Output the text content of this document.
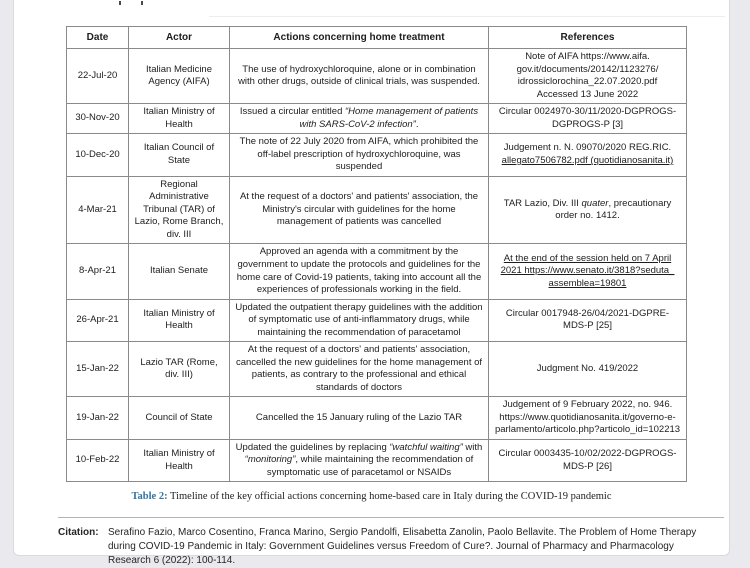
Date	Actor	Actions concerning home treatment	References
22-Jul-20	Italian Medicine Agency (AIFA)	The use of hydroxychloroquine, alone or in combination with other drugs, outside of clinical trials, was suspended.	Note of AIFA https://www.aifa.
gov.it/documents/20142/1123276/
idrossiclorochina_22.07.2020.pdf
Accessed 13 June 2022
30-Nov-20	Italian Ministry of Health	Issued a circular entitled “Home management of patients with SARS-CoV-2 infection”.	Circular 0024970-30/11/2020-DGPROGS-DGPROGS-P [3]
10-Dec-20	Italian Council of State	The note of 22 July 2020 from AIFA, which prohibited the off-label prescription of hydroxychloroquine, was suspended	Judgement n. N. 09070/2020 REG.RIC.
allegato7506782.pdf (quotidianosanita.it)
4-Mar-21	Regional Administrative Tribunal (TAR) of Lazio, Rome Branch, div. III	At the request of a doctors' and patients' association, the Ministry's circular with guidelines for the home management of patients was cancelled	TAR Lazio, Div. III quater, precautionary order no. 1412.
8-Apr-21	Italian Senate	Approved an agenda with a commitment by the government to update the protocols and guidelines for the home care of Covid-19 patients, taking into account all the experiences of professionals working in the field.	At the end of the session held on 7 April
2021 https://www.senato.it/3818?seduta_
assemblea=19801
26-Apr-21	Italian Ministry of Health	Updated the outpatient therapy guidelines with the addition of symptomatic use of anti-inflammatory drugs, while maintaining the recommendation of paracetamol	Circular 0017948-26/04/2021-DGPRE-MDS-P [25]
15-Jan-22	Lazio TAR (Rome, div. III)	At the request of a doctors' and patients' association, cancelled the new guidelines for the home management of patients, as contrary to the professional and ethical standards of doctors	Judgment No. 419/2022
19-Jan-22	Council of State	Cancelled the 15 January ruling of the Lazio TAR	Judgement of 9 February 2022, no. 946.
https://www.quotidianosanita.it/governo-e-
parlamento/articolo.php?articolo_id=102213
10-Feb-22	Italian Ministry of Health	Updated the guidelines by replacing “watchful waiting” with “monitoring”, while maintaining the recommendation of symptomatic use of paracetamol or NSAIDs	Circular 0003435-10/02/2022-DGPROGS-MDS-P [26]
Table 2: Timeline of the key official actions concerning home-based care in Italy during the COVID-19 pandemic
Citation: Serafino Fazio, Marco Cosentino, Franca Marino, Sergio Pandolfi, Elisabetta Zanolin, Paolo Bellavite. The Problem of Home Therapy during COVID-19 Pandemic in Italy: Government Guidelines versus Freedom of Cure?. Journal of Pharmacy and Pharmacology Research 6 (2022): 100-114.
